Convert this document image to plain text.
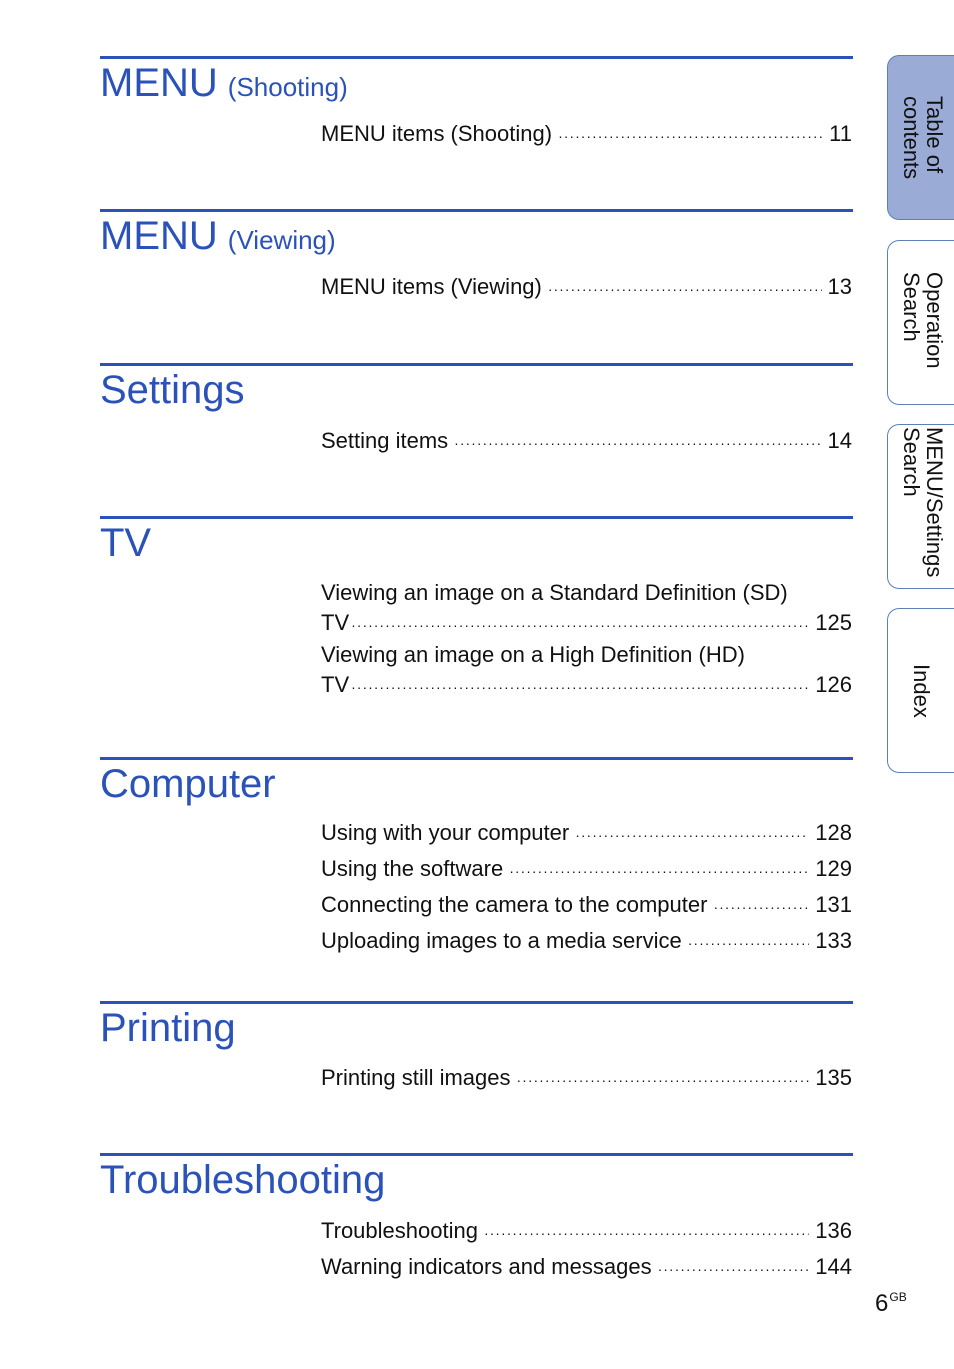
MENU (Shooting)
MENU items (Shooting) ·····	11
MENU (Viewing)
MENU items (Viewing) ·····	13
Settings
Setting items ·····	14
TV
Viewing an image on a Standard Definition (SD)
TV ·····	125
Viewing an image on a High Definition (HD)
TV ·····	126
Computer
Using with your computer ·····	128
Using the software ·····	129
Connecting the camera to the computer ·····	131
Uploading images to a media service ·····	133
Printing
Printing still images ·····	135
Troubleshooting
Troubleshooting ·····	136
Warning indicators and messages ·····	144
Table of
contents
Operation
Search
MENU/Settings
Search
Index
$6^{GB}$
